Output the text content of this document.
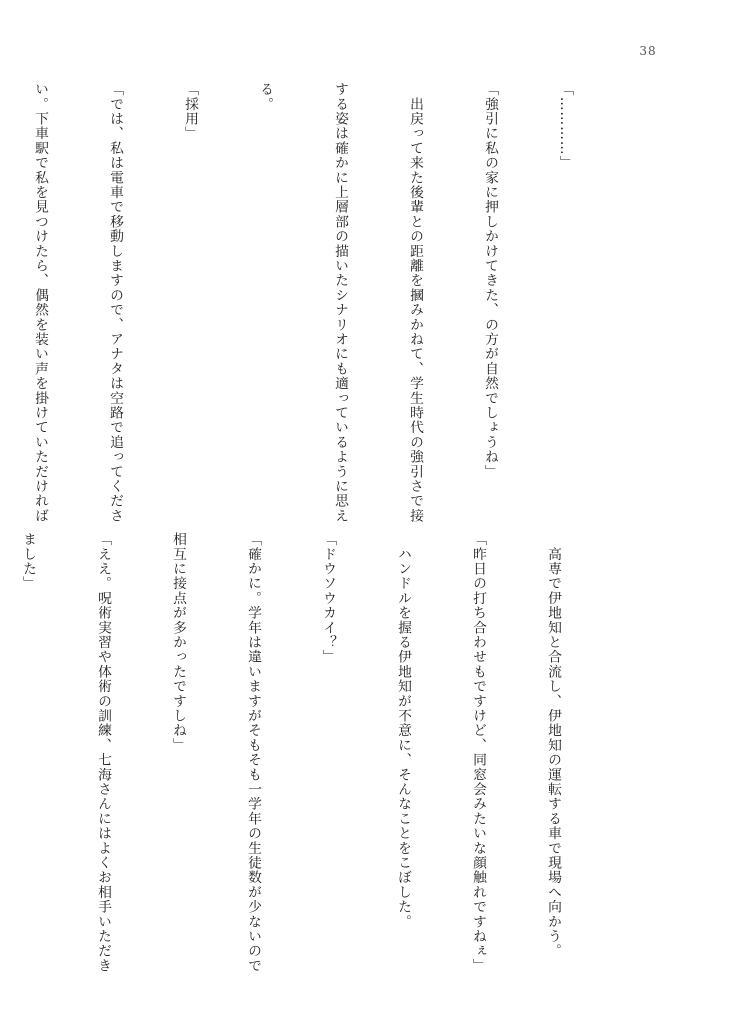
38

「…………」

「強引に私の家に押しかけてきた、の方が自然でしょうね」

　出戻って来た後輩との距離を摑みかねて、学生時代の強引さで接

する姿は確かに上層部の描いたシナリオにも適っているように思え

る。

「採用」

「では、私は電車で移動しますので、アナタは空路で追ってくださ

い。下車駅で私を見つけたら、偶然を装い声を掛けていただければ

　高専で伊地知と合流し、伊地知の運転する車で現場へ向かう。

「昨日の打ち合わせもですけど、同窓会みたいな顔触れですねぇ」

　ハンドルを握る伊地知が不意に、そんなことをこぼした。

「ドウソウカイ？」

「確かに。学年は違いますがそもそも一学年の生徒数が少ないので

相互に接点が多かったですしね」

「ええ。呪術実習や体術の訓練、七海さんにはよくお相手いただき

ました」
